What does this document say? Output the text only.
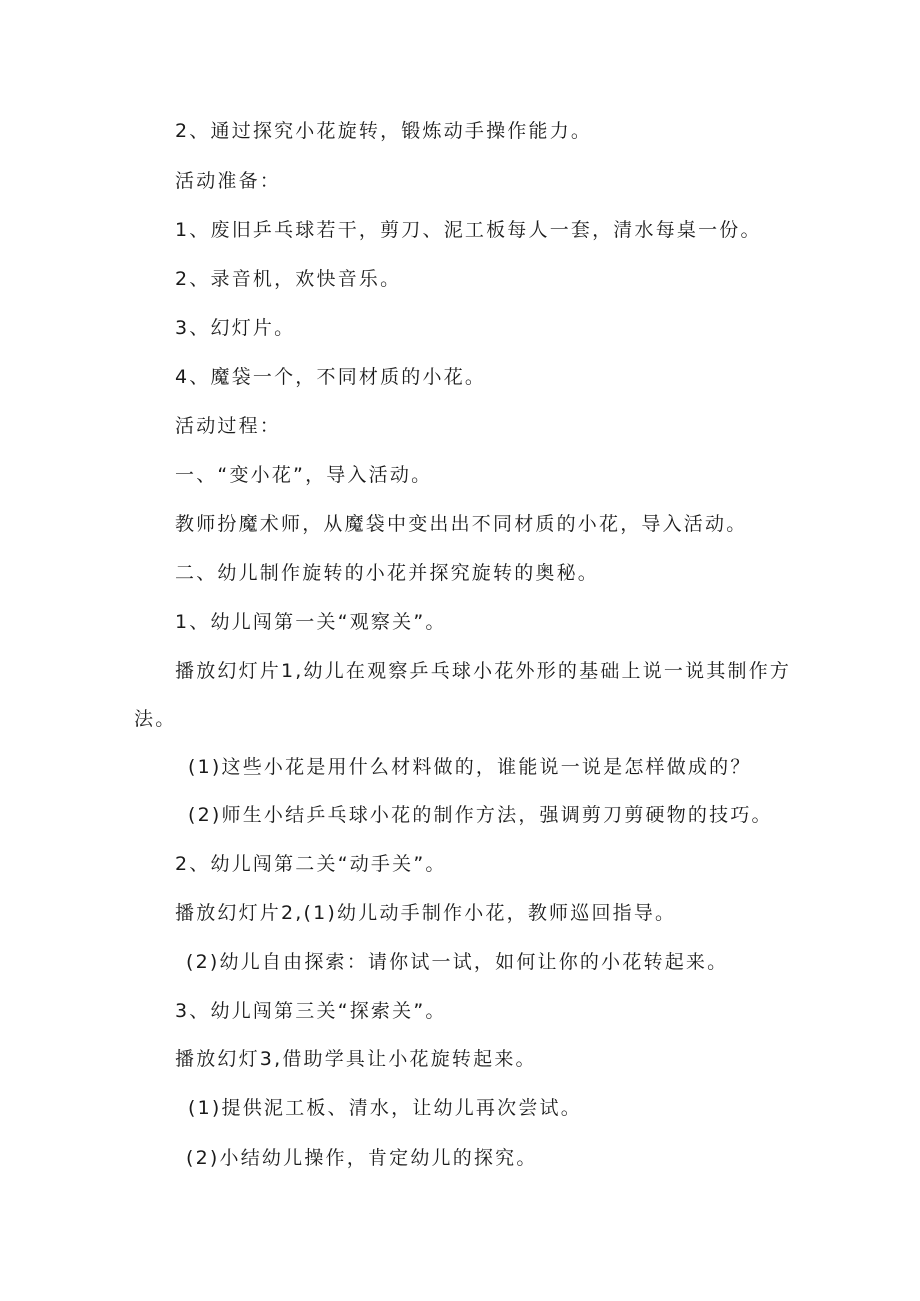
2、通过探究小花旋转，锻炼动手操作能力。
活动准备：
1、废旧乒乓球若干，剪刀、泥工板每人一套，清水每桌一份。
2、录音机，欢快音乐。
3、幻灯片。
4、魔袋一个，不同材质的小花。
活动过程：
一、“变小花”，导入活动。
教师扮魔术师，从魔袋中变出出不同材质的小花，导入活动。
二、幼儿制作旋转的小花并探究旋转的奥秘。
1、幼儿闯第一关“观察关”。
播放幻灯片1,幼儿在观察乒乓球小花外形的基础上说一说其制作方
法。
(1)这些小花是用什么材料做的，谁能说一说是怎样做成的？
(2)师生小结乒乓球小花的制作方法，强调剪刀剪硬物的技巧。
2、幼儿闯第二关“动手关”。
播放幻灯片2,(1)幼儿动手制作小花，教师巡回指导。
(2)幼儿自由探索：请你试一试，如何让你的小花转起来。
3、幼儿闯第三关“探索关”。
播放幻灯3,借助学具让小花旋转起来。
(1)提供泥工板、清水，让幼儿再次尝试。
(2)小结幼儿操作，肯定幼儿的探究。
